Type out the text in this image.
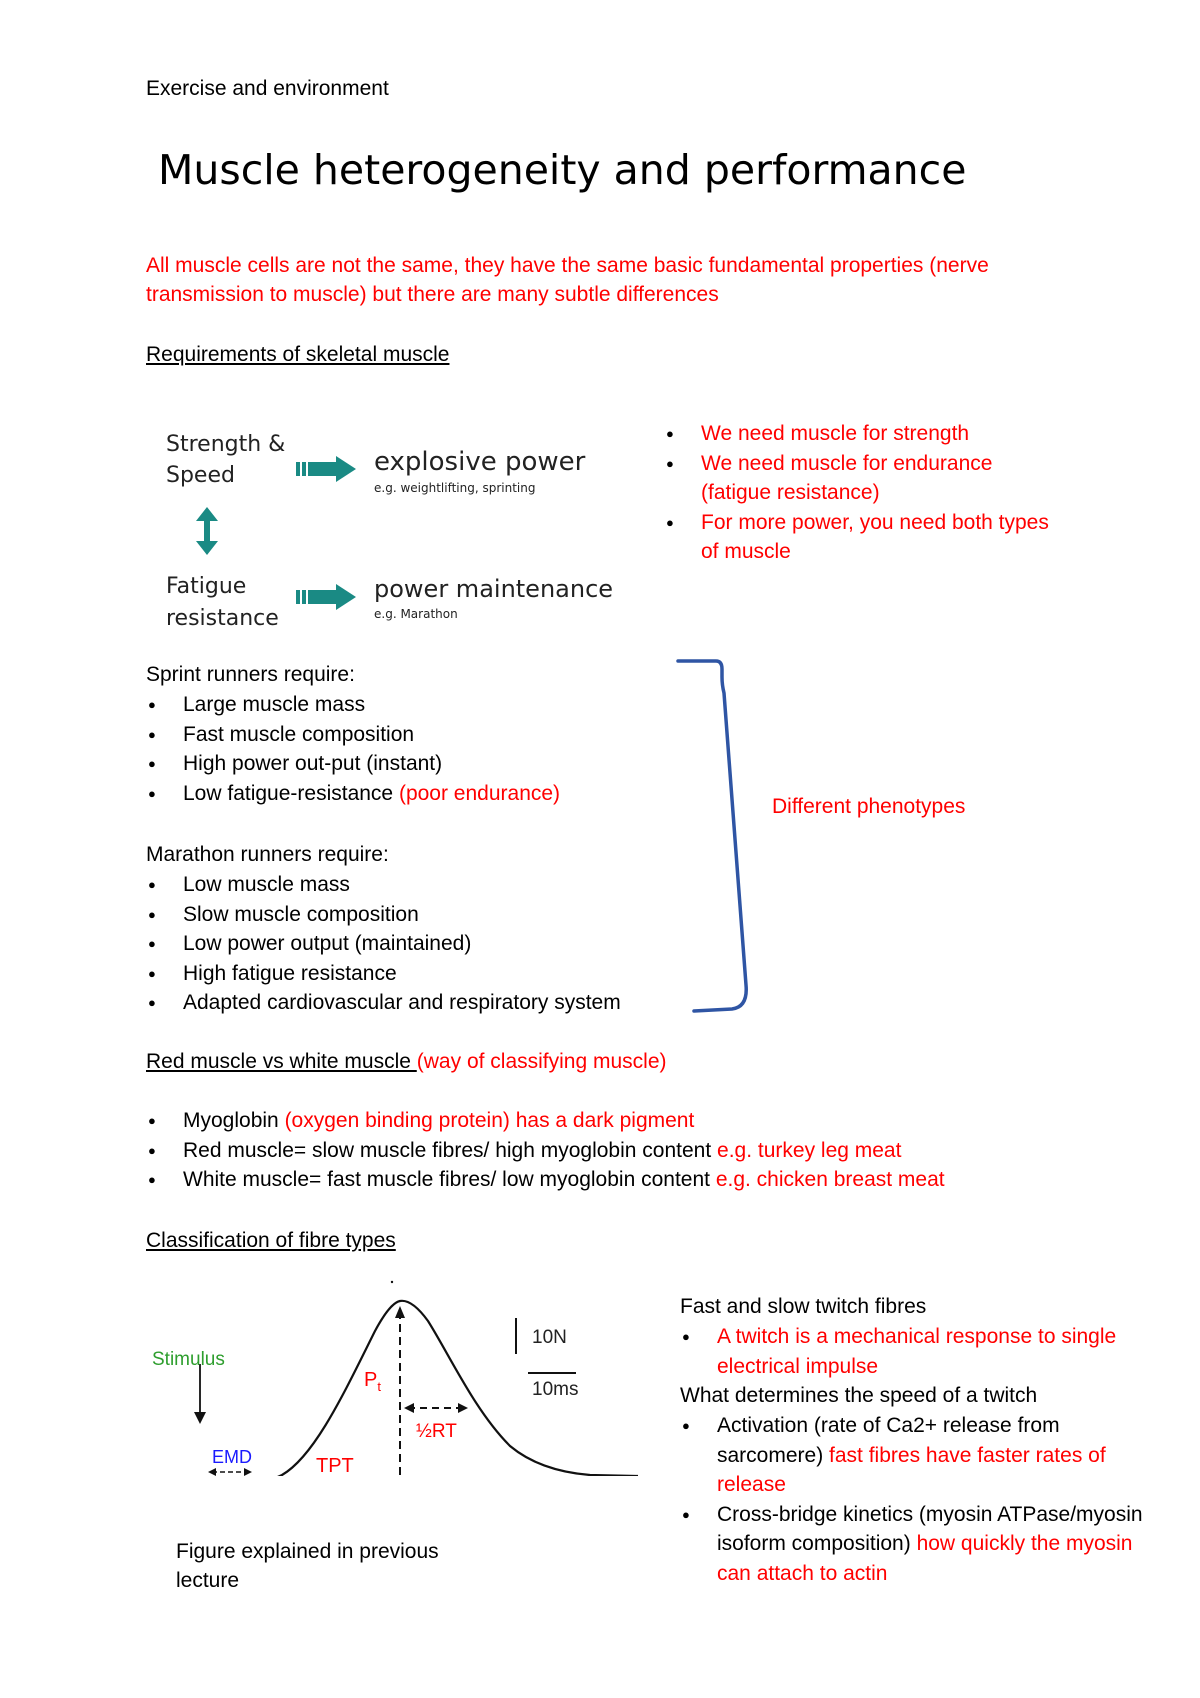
Exercise and environment
Muscle heterogeneity and performance
All muscle cells are not the same, they have the same basic fundamental properties (nerve
transmission to muscle) but there are many subtle differences
Requirements of skeletal muscle
Strength &
Speed
Fatigue
resistance
explosive power
e.g. weightlifting, sprinting
power maintenance
e.g. Marathon
● We need muscle for strength
● We need muscle for endurance
(fatigue resistance)
● For more power, you need both types
of muscle
Sprint runners require:
● Large muscle mass
● Fast muscle composition
● High power out-put (instant)
● Low fatigue-resistance (poor endurance)
Marathon runners require:
● Low muscle mass
● Slow muscle composition
● Low power output (maintained)
● High fatigue resistance
● Adapted cardiovascular and respiratory system
Different phenotypes
Red muscle vs white muscle (way of classifying muscle)
● Myoglobin (oxygen binding protein) has a dark pigment
● Red muscle= slow muscle fibres/ high myoglobin content e.g. turkey leg meat
● White muscle= fast muscle fibres/ low myoglobin content e.g. chicken breast meat
Classification of fibre types
Stimulus
EMD	TPT
$P_t$
½RT
10N
10ms
Figure explained in previous
lecture
Fast and slow twitch fibres
● A twitch is a mechanical response to single
electrical impulse
What determines the speed of a twitch
● Activation (rate of Ca2+ release from
sarcomere) fast fibres have faster rates of
release
● Cross-bridge kinetics (myosin ATPase/myosin
isoform composition) how quickly the myosin
can attach to actin
